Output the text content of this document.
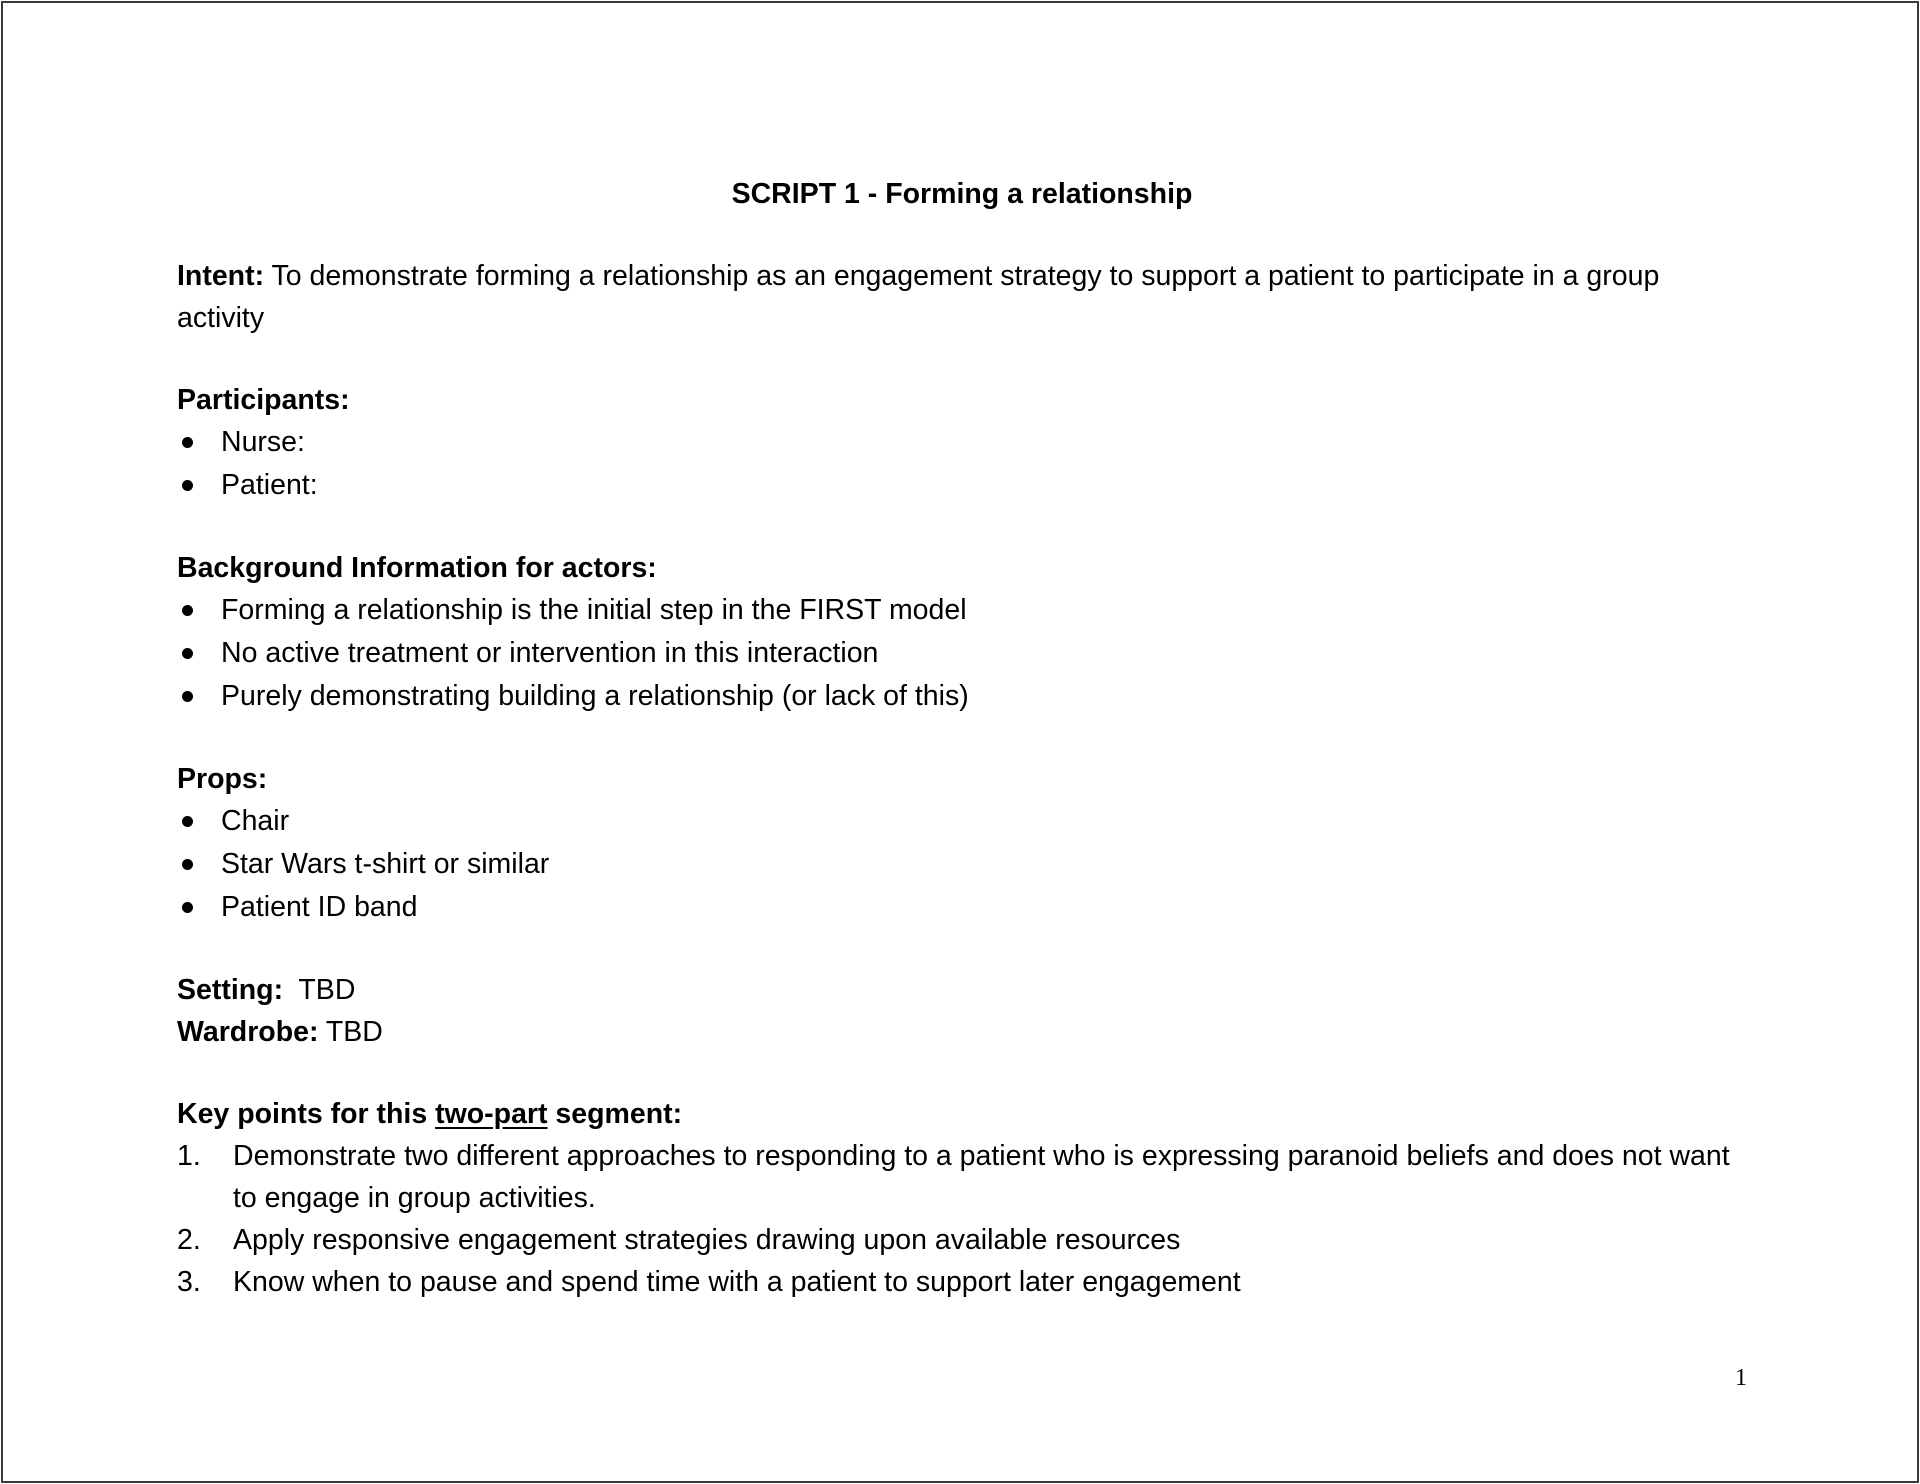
SCRIPT 1 - Forming a relationship

Intent: To demonstrate forming a relationship as an engagement strategy to support a patient to participate in a group activity

Participants:

Nurse:
Patient:

Background Information for actors:

Forming a relationship is the initial step in the FIRST model
No active treatment or intervention in this interaction
Purely demonstrating building a relationship (or lack of this)

Props:

Chair
Star Wars t-shirt or similar
Patient ID band

Setting:  TBD

Wardrobe: TBD

Key points for this two-part segment:

1. Demonstrate two different approaches to responding to a patient who is expressing paranoid beliefs and does not want to engage in group activities.
2. Apply responsive engagement strategies drawing upon available resources
3. Know when to pause and spend time with a patient to support later engagement
1
